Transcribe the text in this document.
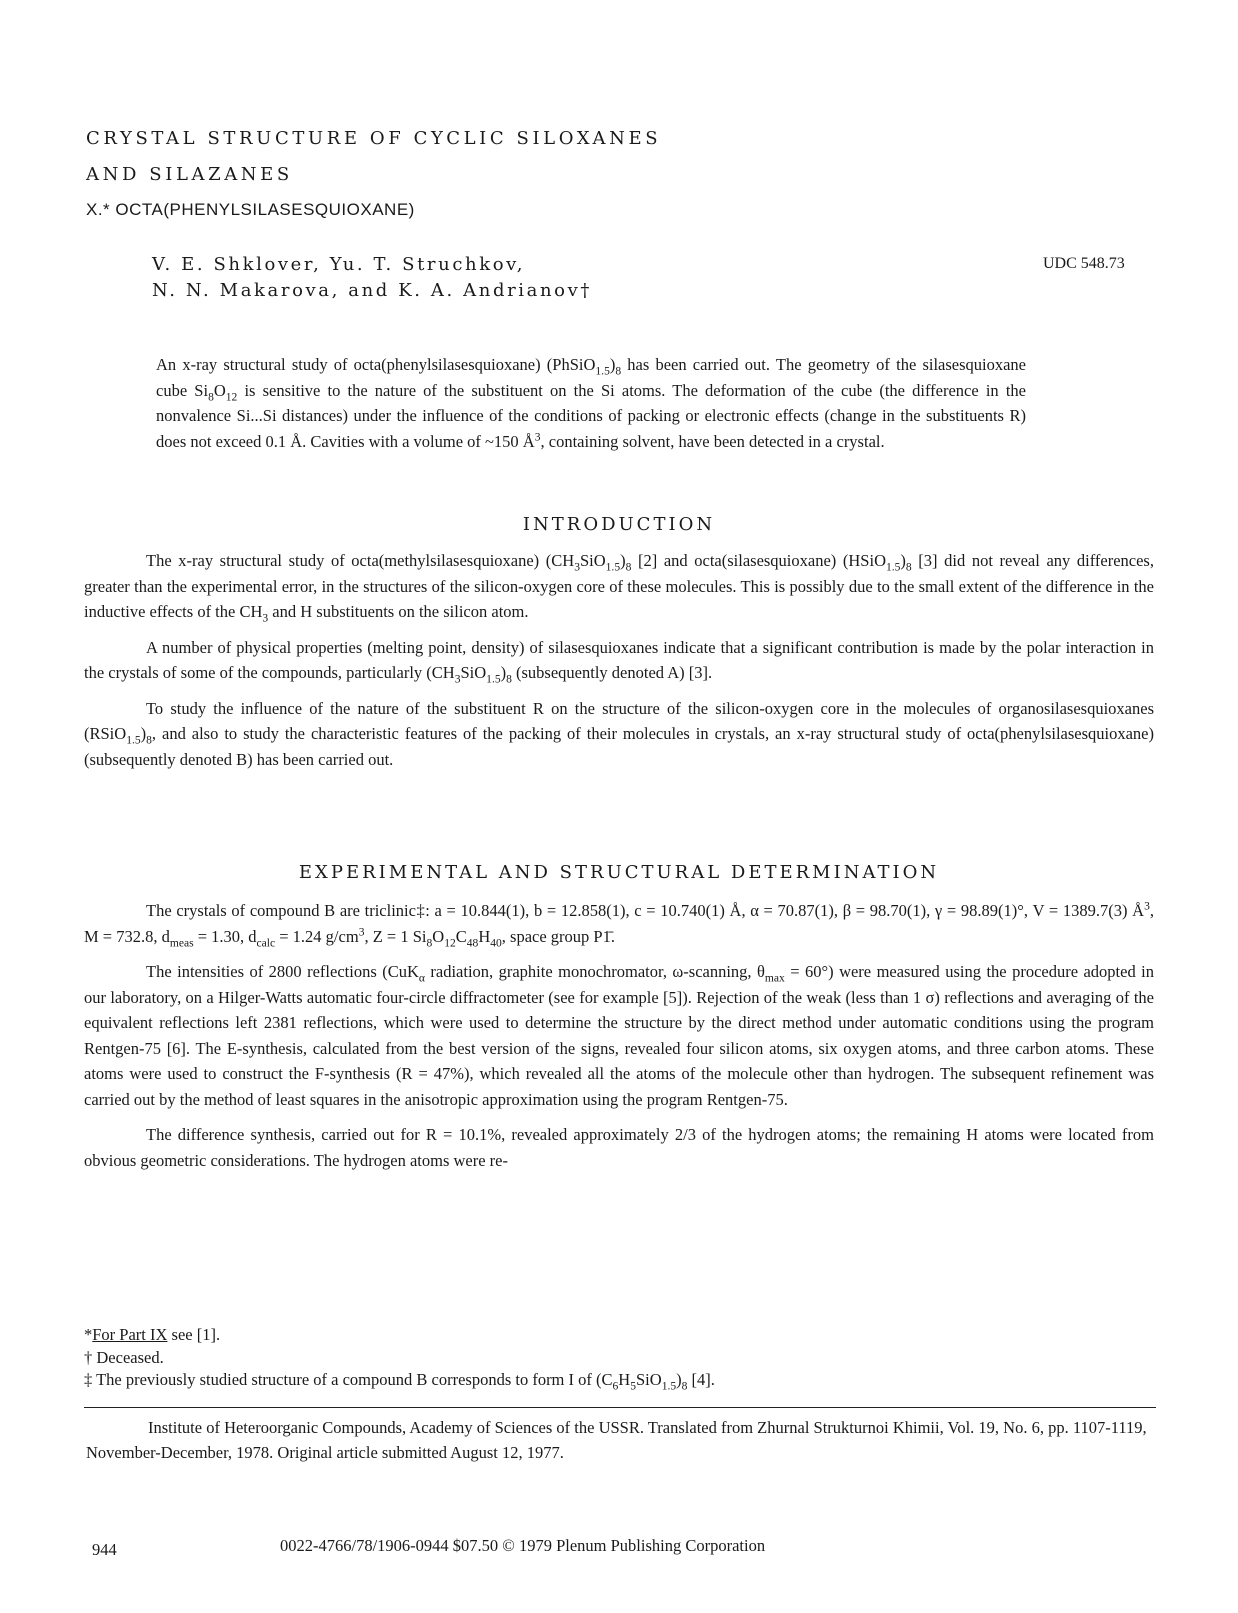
CRYSTAL STRUCTURE OF CYCLIC SILOXANES
AND SILAZANES
X.* OCTA(PHENYLSILASESQUIOXANE)
V. E. Shklover, Yu. T. Struchkov,
N. N. Makarova, and K. A. Andrianov†
UDC 548.73
An x-ray structural study of octa(phenylsilasesquioxane) $(PhSiO_{1.5})_8$ has been carried out. The geometry of the silasesquioxane cube $Si_8O_{12}$ is sensitive to the nature of the substituent on the Si atoms. The deformation of the cube (the difference in the nonvalence Si...Si distances) under the influence of the conditions of packing or electronic effects (change in the substituents R) does not exceed 0.1 Å. Cavities with a volume of ~150 $Å^3$, containing solvent, have been detected in a crystal.
INTRODUCTION

The x-ray structural study of octa(methylsilasesquioxane) $(CH_3SiO_{1.5})_8$ [2] and octa(silasesquioxane) $(HSiO_{1.5})_8$ [3] did not reveal any differences, greater than the experimental error, in the structures of the silicon-oxygen core of these molecules. This is possibly due to the small extent of the difference in the inductive effects of the $CH_3$ and H substituents on the silicon atom.

A number of physical properties (melting point, density) of silasesquioxanes indicate that a significant contribution is made by the polar interaction in the crystals of some of the compounds, particularly $(CH_3SiO_{1.5})_8$ (subsequently denoted A) [3].

To study the influence of the nature of the substituent R on the structure of the silicon-oxygen core in the molecules of organosilasesquioxanes $(RSiO_{1.5})_8$, and also to study the characteristic features of the packing of their molecules in crystals, an x-ray structural study of octa(phenylsilasesquioxane) (subsequently denoted B) has been carried out.

EXPERIMENTAL AND STRUCTURAL DETERMINATION

The crystals of compound B are triclinic‡: a = 10.844(1), b = 12.858(1), c = 10.740(1) Å, α = 70.87(1), β = 98.70(1), γ = 98.89(1)°, V = 1389.7(3) $Å^3$, M = 732.8, $d_{meas} = 1.30$, $d_{calc} = 1.24$ $g/cm^3$, Z = 1 $Si_8O_{12}C_{48}H_{40}$, space group P1̄.

The intensities of 2800 reflections (CuK$_\alpha$ radiation, graphite monochromator, ω-scanning, $\theta_{max} = 60^\circ$) were measured using the procedure adopted in our laboratory, on a Hilger-Watts automatic four-circle diffractometer (see for example [5]). Rejection of the weak (less than 1 σ) reflections and averaging of the equivalent reflections left 2381 reflections, which were used to determine the structure by the direct method under automatic conditions using the program Rentgen-75 [6]. The E-synthesis, calculated from the best version of the signs, revealed four silicon atoms, six oxygen atoms, and three carbon atoms. These atoms were used to construct the F-synthesis (R = 47%), which revealed all the atoms of the molecule other than hydrogen. The subsequent refinement was carried out by the method of least squares in the anisotropic approximation using the program Rentgen-75.

The difference synthesis, carried out for R = 10.1%, revealed approximately 2/3 of the hydrogen atoms; the remaining H atoms were located from obvious geometric considerations. The hydrogen atoms were re-

*For Part IX see [1].
† Deceased.
‡ The previously studied structure of a compound B corresponds to form I of $(C_6H_5SiO_{1.5})_8$ [4].

Institute of Heteroorganic Compounds, Academy of Sciences of the USSR. Translated from Zhurnal Strukturnoi Khimii, Vol. 19, No. 6, pp. 1107-1119, November-December, 1978. Original article submitted August 12, 1977.

944	0022-4766/78/1906-0944 $07.50 © 1979 Plenum Publishing Corporation
